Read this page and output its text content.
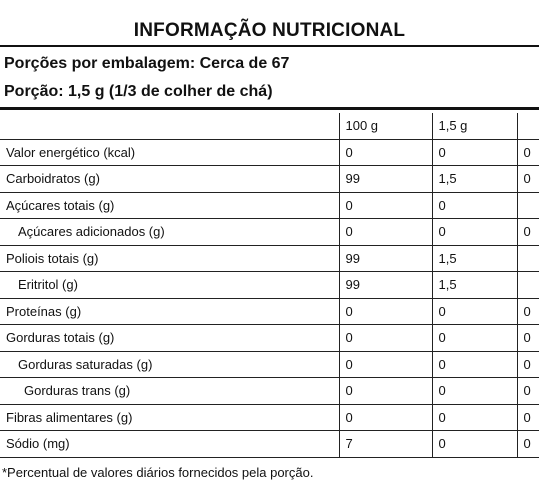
INFORMAÇÃO NUTRICIONAL
Porções por embalagem: Cerca de 67
Porção: 1,5 g (1/3 de colher de chá)
	100 g	1,5 g	
Valor energético (kcal)	0	0	0
Carboidratos (g)	99	1,5	0
Açúcares totais (g)	0	0	
Açúcares adicionados (g)	0	0	0
Poliois totais (g)	99	1,5	
Eritritol (g)	99	1,5	
Proteínas (g)	0	0	0
Gorduras totais (g)	0	0	0
Gorduras saturadas (g)	0	0	0
Gorduras trans (g)	0	0	0
Fibras alimentares (g)	0	0	0
Sódio (mg)	7	0	0
*Percentual de valores diários fornecidos pela porção.
